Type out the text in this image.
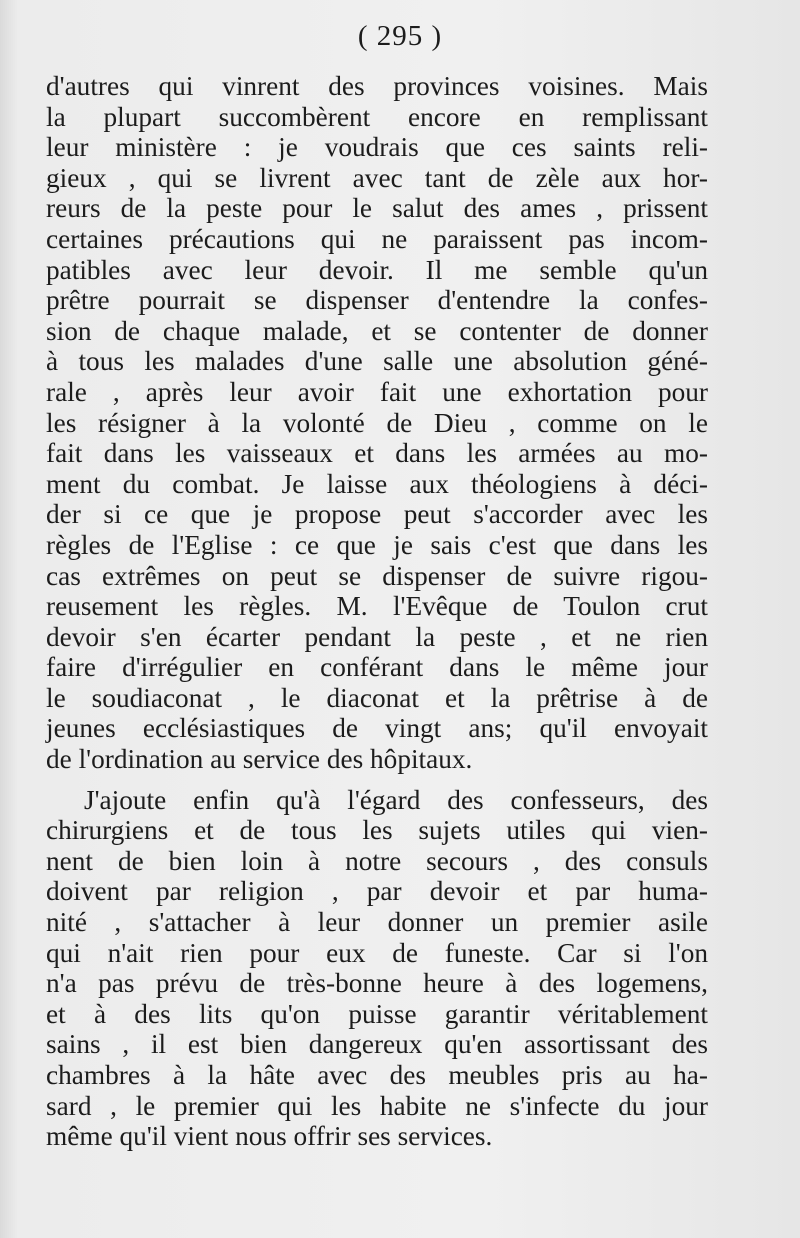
( 295 )
d'autres qui vinrent des provinces voisines. Mais
la plupart succombèrent encore en remplissant
leur ministère : je voudrais que ces saints reli-
gieux , qui se livrent avec tant de zèle aux hor-
reurs de la peste pour le salut des ames , prissent
certaines précautions qui ne paraissent pas incom-
patibles avec leur devoir. Il me semble qu'un
prêtre pourrait se dispenser d'entendre la confes-
sion de chaque malade, et se contenter de donner
à tous les malades d'une salle une absolution géné-
rale , après leur avoir fait une exhortation pour
les résigner à la volonté de Dieu , comme on le
fait dans les vaisseaux et dans les armées au mo-
ment du combat. Je laisse aux théologiens à déci-
der si ce que je propose peut s'accorder avec les
règles de l'Eglise : ce que je sais c'est que dans les
cas extrêmes on peut se dispenser de suivre rigou-
reusement les règles. M. l'Evêque de Toulon crut
devoir s'en écarter pendant la peste , et ne rien
faire d'irrégulier en conférant dans le même jour
le soudiaconat , le diaconat et la prêtrise à de
jeunes ecclésiastiques de vingt ans; qu'il envoyait
de l'ordination au service des hôpitaux.
J'ajoute enfin qu'à l'égard des confesseurs, des
chirurgiens et de tous les sujets utiles qui vien-
nent de bien loin à notre secours , des consuls
doivent par religion , par devoir et par huma-
nité , s'attacher à leur donner un premier asile
qui n'ait rien pour eux de funeste. Car si l'on
n'a pas prévu de très-bonne heure à des logemens,
et à des lits qu'on puisse garantir véritablement
sains , il est bien dangereux qu'en assortissant des
chambres à la hâte avec des meubles pris au ha-
sard , le premier qui les habite ne s'infecte du jour
même qu'il vient nous offrir ses services.
